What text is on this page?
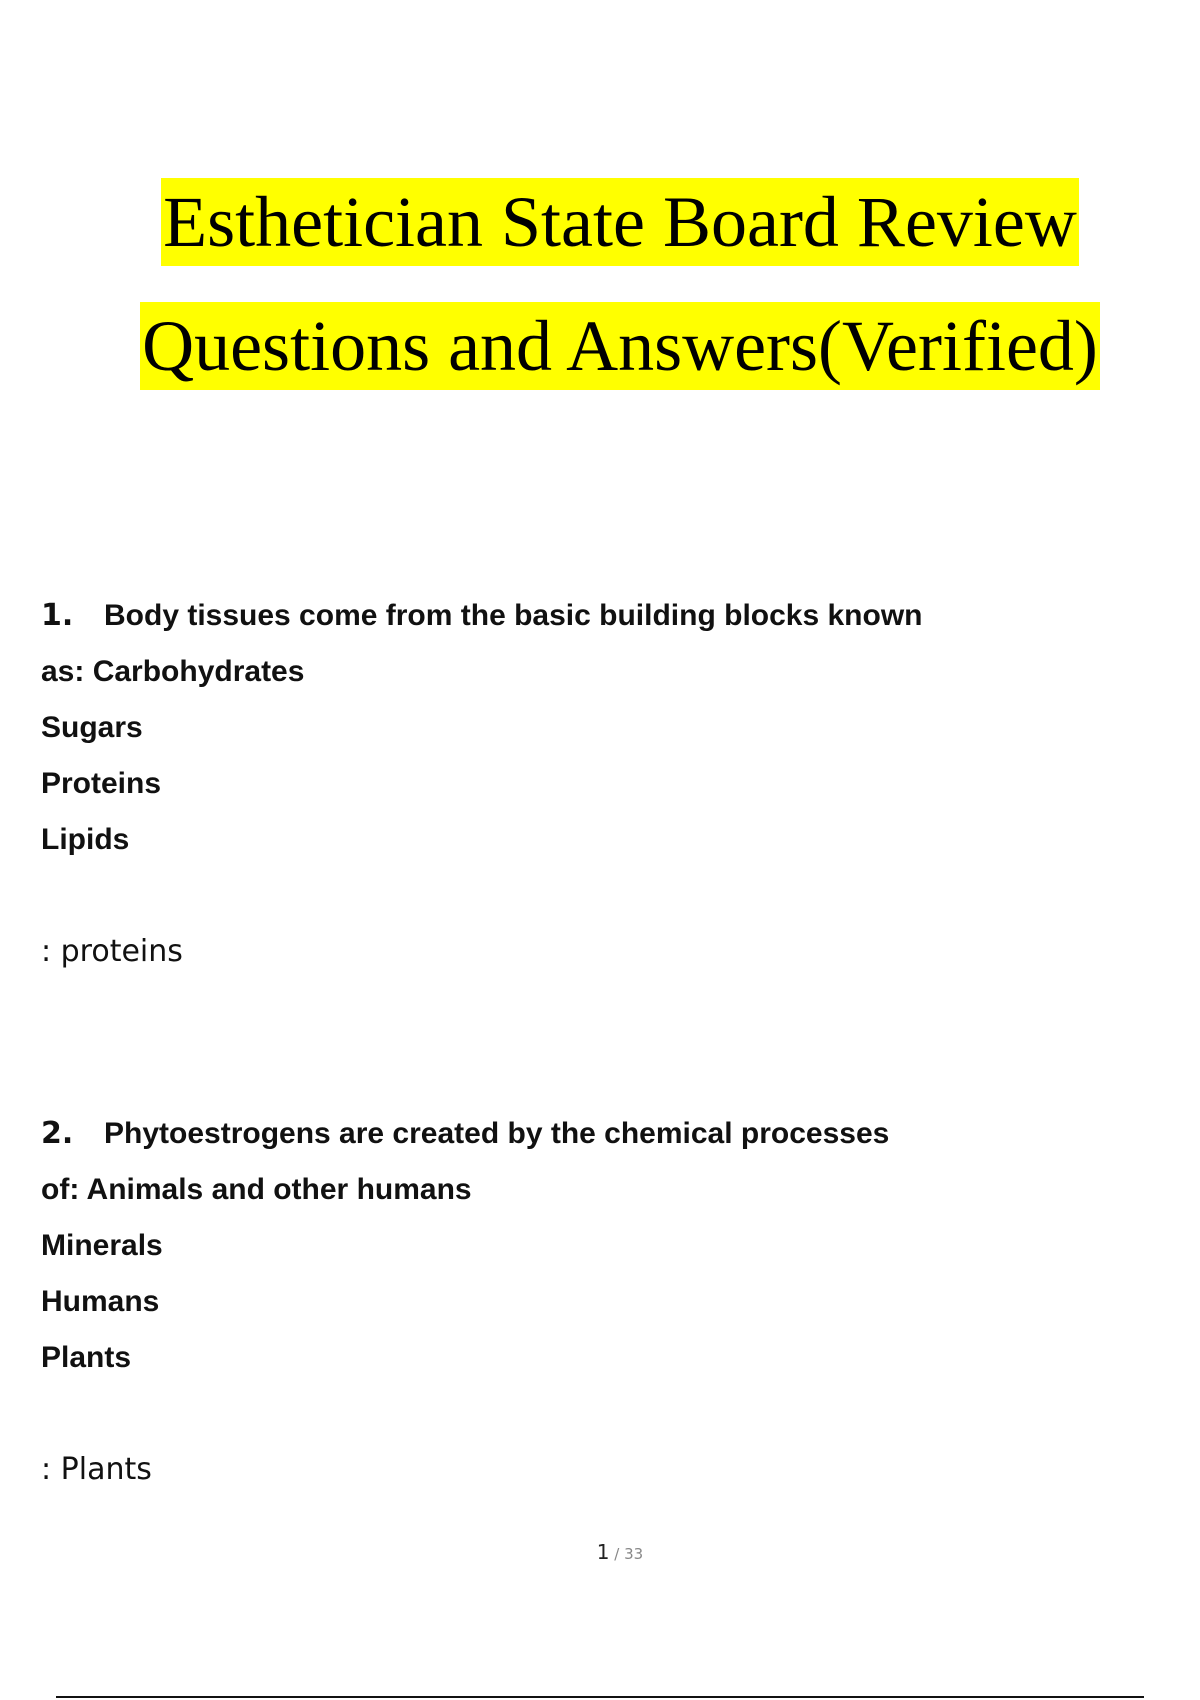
Esthetician State Board Review
Questions and Answers(Verified)
1. Body tissues come from the basic building blocks known
as: Carbohydrates
Sugars
Proteins
Lipids
: proteins
2. Phytoestrogens are created by the chemical processes
of: Animals and other humans
Minerals
Humans
Plants
: Plants
1 / 33
